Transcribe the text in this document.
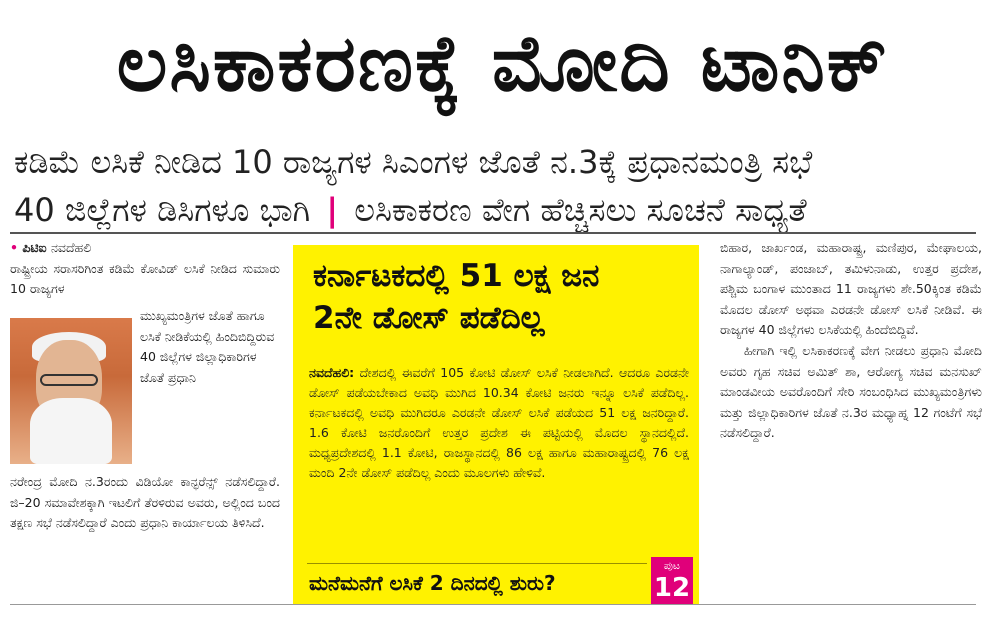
ಲಸಿಕಾಕರಣಕ್ಕೆ ಮೋದಿ ಟಾನಿಕ್
ಕಡಿಮೆ ಲಸಿಕೆ ನೀಡಿದ 10 ರಾಜ್ಯಗಳ ಸಿಎಂಗಳ ಜೊತೆ ನ.3ಕ್ಕೆ ಪ್ರಧಾನಮಂತ್ರಿ ಸಭೆ
40 ಜಿಲ್ಲೆಗಳ ಡಿಸಿಗಳೂ ಭಾಗಿ | ಲಸಿಕಾಕರಣ ವೇಗ ಹೆಚ್ಚಿಸಲು ಸೂಚನೆ ಸಾಧ್ಯತೆ
• ಪಿಟಿಐ ನವದೆಹಲಿ
ರಾಷ್ಟ್ರೀಯ ಸರಾಸರಿಗಿಂತ ಕಡಿಮೆ ಕೋವಿಡ್ ಲಸಿಕೆ ನೀಡಿದ ಸುಮಾರು 10 ರಾಜ್ಯಗಳ
ಮುಖ್ಯಮಂತ್ರಿಗಳ ಜೊತೆ ಹಾಗೂ ಲಸಿಕೆ ನೀಡಿಕೆಯಲ್ಲಿ ಹಿಂದಿಬಿದ್ದಿರುವ 40 ಜಿಲ್ಲೆಗಳ ಜಿಲ್ಲಾಧಿಕಾರಿಗಳ ಜೊತೆ ಪ್ರಧಾನಿ
ನರೇಂದ್ರ ಮೋದಿ ನ.3ರಂದು ವಿಡಿಯೋ ಕಾನ್ಫರೆನ್ಸ್ ನಡೆಸಲಿದ್ದಾರೆ. ಜಿ–20 ಸಮಾವೇಶಕ್ಕಾಗಿ ಇಟಲಿಗೆ ತೆರಳಿರುವ ಅವರು, ಅಲ್ಲಿಂದ ಬಂದ ತಕ್ಷಣ ಸಭೆ ನಡೆಸಲಿದ್ದಾರೆ ಎಂದು ಪ್ರಧಾನಿ ಕಾರ್ಯಾಲಯ ತಿಳಿಸಿದೆ.
ಕರ್ನಾಟಕದಲ್ಲಿ 51 ಲಕ್ಷ ಜನ
2ನೇ ಡೋಸ್ ಪಡೆದಿಲ್ಲ
ನವದೆಹಲಿ: ದೇಶದಲ್ಲಿ ಈವರೆಗೆ 105 ಕೋಟಿ ಡೋಸ್ ಲಸಿಕೆ ನೀಡಲಾಗಿದೆ. ಆದರೂ ಎರಡನೇ ಡೋಸ್ ಪಡೆಯಬೇಕಾದ ಅವಧಿ ಮುಗಿದ 10.34 ಕೋಟಿ ಜನರು ಇನ್ನೂ ಲಸಿಕೆ ಪಡೆದಿಲ್ಲ. ಕರ್ನಾಟಕದಲ್ಲಿ ಅವಧಿ ಮುಗಿದರೂ ಎರಡನೇ ಡೋಸ್ ಲಸಿಕೆ ಪಡೆಯದ 51 ಲಕ್ಷ ಜನರಿದ್ದಾರೆ. 1.6 ಕೋಟಿ ಜನರೊಂದಿಗೆ ಉತ್ತರ ಪ್ರದೇಶ ಈ ಪಟ್ಟಿಯಲ್ಲಿ ಮೊದಲ ಸ್ಥಾನದಲ್ಲಿದೆ. ಮಧ್ಯಪ್ರದೇಶದಲ್ಲಿ 1.1 ಕೋಟಿ, ರಾಜಸ್ಥಾನದಲ್ಲಿ 86 ಲಕ್ಷ ಹಾಗೂ ಮಹಾರಾಷ್ಟ್ರದಲ್ಲಿ 76 ಲಕ್ಷ ಮಂದಿ 2ನೇ ಡೋಸ್ ಪಡೆದಿಲ್ಲ ಎಂದು ಮೂಲಗಳು ಹೇಳಿವೆ.
ಮನೆಮನೆಗೆ ಲಸಿಕೆ 2 ದಿನದಲ್ಲಿ ಶುರು?
ಪುಟ
12

ಬಿಹಾರ, ಜಾರ್ಖಂಡ, ಮಹಾರಾಷ್ಟ್ರ, ಮಣಿಪುರ, ಮೇಘಾಲಯ, ನಾಗಾಲ್ಯಾಂಡ್, ಪಂಜಾಬ್, ತಮಿಳುನಾಡು, ಉತ್ತರ ಪ್ರದೇಶ, ಪಶ್ಚಿಮ ಬಂಗಾಳ ಮುಂತಾದ 11 ರಾಜ್ಯಗಳು ಶೇ.50ಕ್ಕಿಂತ ಕಡಿಮೆ ಮೊದಲ ಡೋಸ್ ಅಥವಾ ಎರಡನೇ ಡೋಸ್ ಲಸಿಕೆ ನೀಡಿವೆ. ಈ ರಾಜ್ಯಗಳ 40 ಜಿಲ್ಲೆಗಳು ಲಸಿಕೆಯಲ್ಲಿ ಹಿಂದೆಬಿದ್ದಿವೆ.

ಹೀಗಾಗಿ ಇಲ್ಲಿ ಲಸಿಕಾಕರಣಕ್ಕೆ ವೇಗ ನೀಡಲು ಪ್ರಧಾನಿ ಮೋದಿ ಅವರು ಗೃಹ ಸಚಿವ ಅಮಿತ್ ಶಾ, ಆರೋಗ್ಯ ಸಚಿವ ಮನಸುಖ್ ಮಾಂಡವೀಯ ಅವರೊಂದಿಗೆ ಸೇರಿ ಸಂಬಂಧಿಸಿದ ಮುಖ್ಯಮಂತ್ರಿಗಳು ಮತ್ತು ಜಿಲ್ಲಾಧಿಕಾರಿಗಳ ಜೊತೆ ನ.3ರ ಮಧ್ಯಾಹ್ನ 12 ಗಂಟೆಗೆ ಸಭೆ ನಡೆಸಲಿದ್ದಾರೆ.
